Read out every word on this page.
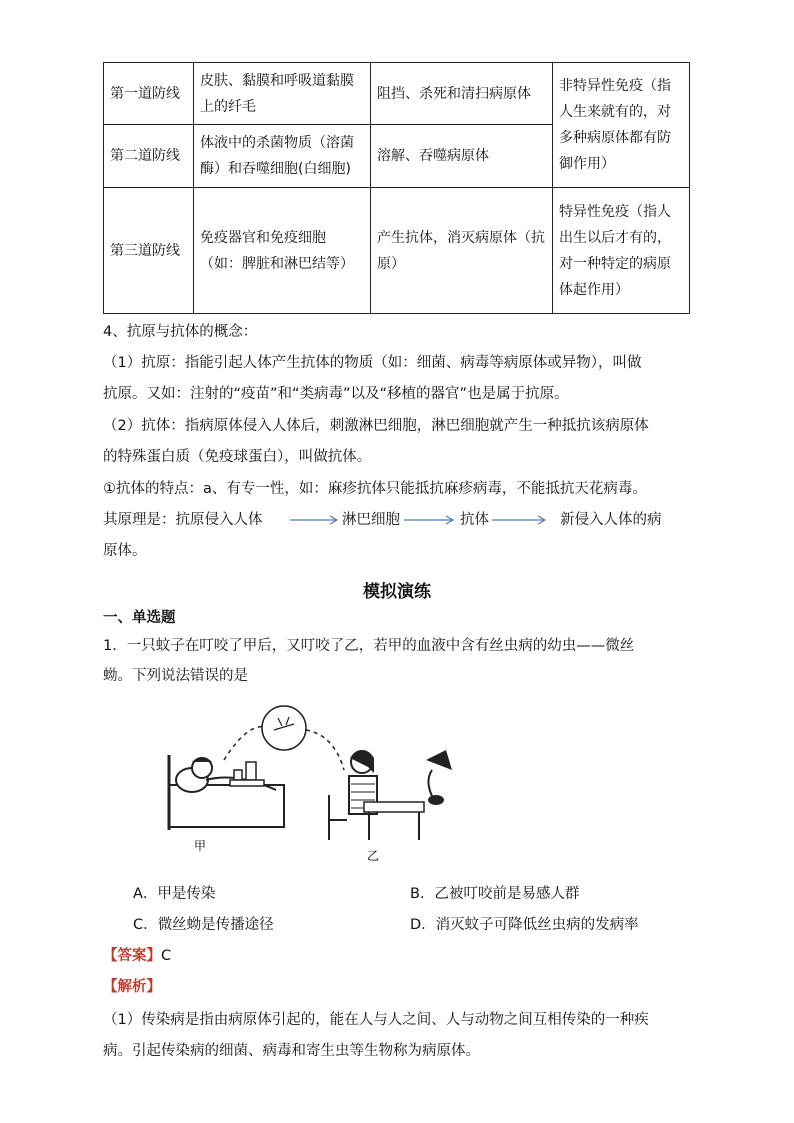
第一道防线	皮肤、黏膜和呼吸道黏膜上的纤毛	阻挡、杀死和清扫病原体	非特异性免疫（指人生来就有的，对多种病原体都有防御作用）
第二道防线	体液中的杀菌物质（溶菌酶）和吞噬细胞(白细胞)	溶解、吞噬病原体	
第三道防线	免疫器官和免疫细胞（如：脾脏和淋巴结等）	产生抗体，消灭病原体（抗原）	特异性免疫（指人出生以后才有的，对一种特定的病原体起作用）
4、抗原与抗体的概念：
（1）抗原：指能引起人体产生抗体的物质（如：细菌、病毒等病原体或异物），叫做
抗原。又如：注射的“疫苗”和“类病毒”以及“移植的器官”也是属于抗原。
（2）抗体：指病原体侵入人体后，刺激淋巴细胞，淋巴细胞就产生一种抵抗该病原体
的特殊蛋白质（免疫球蛋白），叫做抗体。
①抗体的特点：a、有专一性，如：麻疹抗体只能抵抗麻疹病毒，不能抵抗天花病毒。
其原理是：抗原侵入人体	淋巴细胞	抗体	新侵入人体的病
原体。
模拟演练
一、单选题
1．一只蚊子在叮咬了甲后，又叮咬了乙，若甲的血液中含有丝虫病的幼虫——微丝
蚴。下列说法错误的是
甲
乙
A．甲是传染	B．乙被叮咬前是易感人群
C．微丝蚴是传播途径	D．消灭蚊子可降低丝虫病的发病率
【答案】C
【解析】
（1）传染病是指由病原体引起的，能在人与人之间、人与动物之间互相传染的一种疾
病。引起传染病的细菌、病毒和寄生虫等生物称为病原体。
